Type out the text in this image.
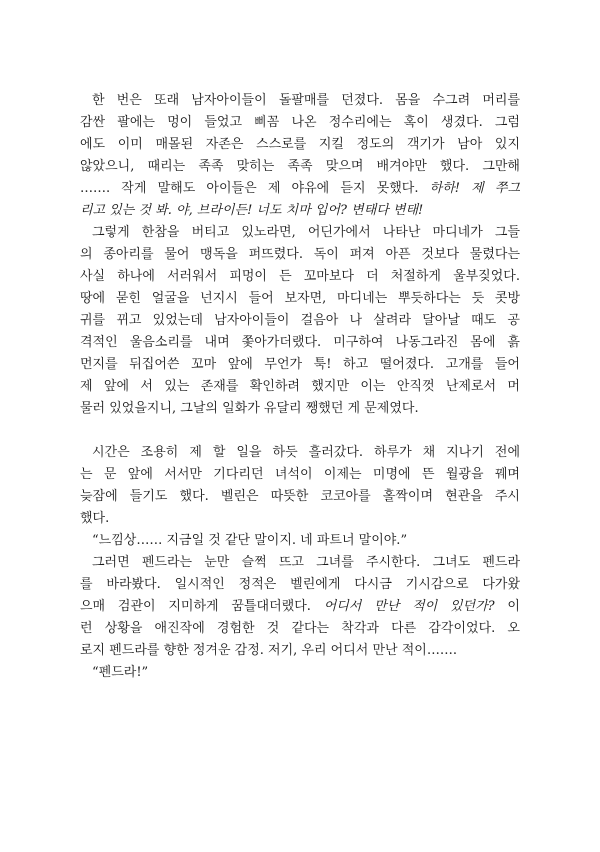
한 번은 또래 남자아이들이 돌팔매를 던졌다. 몸을 수그려 머리를
감싼 팔에는 멍이 들었고 삐꼼 나온 정수리에는 혹이 생겼다. 그럼
에도 이미 매몰된 자존은 스스로를 지킬 정도의 객기가 남아 있지
않았으니, 때리는 족족 맞히는 족족 맞으며 배겨야만 했다. 그만해
……. 작게 말해도 아이들은 제 야유에 듣지 못했다. 하하! 제 쭈그
리고 있는 것 봐. 야, 브라이든! 너도 치마 입어? 변태다 변태!
그렇게 한참을 버티고 있노라면, 어딘가에서 나타난 마디네가 그들
의 종아리를 물어 맹독을 퍼뜨렸다. 독이 퍼져 아픈 것보다 물렸다는
사실 하나에 서러워서 피멍이 든 꼬마보다 더 처절하게 울부짖었다.
땅에 묻힌 얼굴을 넌지시 들어 보자면, 마디네는 뿌듯하다는 듯 콧방
귀를 뀌고 있었는데 남자아이들이 걸음아 나 살려라 달아날 때도 공
격적인 울음소리를 내며 쫓아가더랬다. 미구하여 나동그라진 몸에 흙
먼지를 뒤집어쓴 꼬마 앞에 무언가 툭! 하고 떨어졌다. 고개를 들어
제 앞에 서 있는 존재를 확인하려 했지만 이는 안직껏 난제로서 머
물러 있었을지니, 그날의 일화가 유달리 쨍했던 게 문제였다.
시간은 조용히 제 할 일을 하듯 흘러갔다. 하루가 채 지나기 전에
는 문 앞에 서서만 기다리던 녀석이 이제는 미명에 뜬 월광을 꿰며
늦잠에 들기도 했다. 벨린은 따뜻한 코코아를 홀짝이며 현관을 주시
했다.
“느낌상…… 지금일 것 같단 말이지. 네 파트너 말이야.”
그러면 펜드라는 눈만 슬쩍 뜨고 그녀를 주시한다. 그녀도 펜드라
를 바라봤다. 일시적인 정적은 벨린에게 다시금 기시감으로 다가왔
으매 검관이 지미하게 꿈틀대더랬다. 어디서 만난 적이 있던가? 이
런 상황을 애진작에 경험한 것 같다는 착각과 다른 감각이었다. 오
로지 펜드라를 향한 정겨운 감정. 저기, 우리 어디서 만난 적이…….
“펜드라!”
